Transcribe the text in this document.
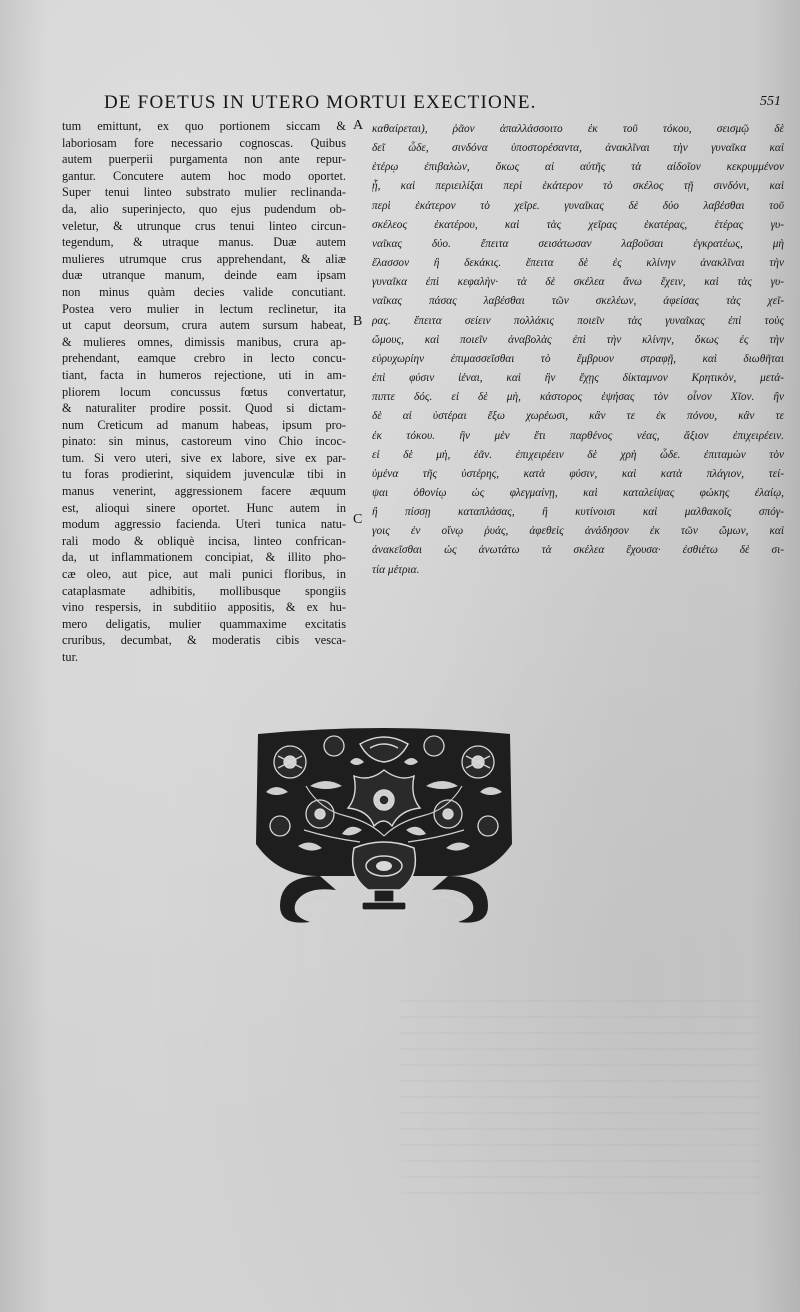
DE FOETUS IN UTERO MORTUI EXECTIONE.	551
tum emittunt, ex quo portionem siccam &
laboriosam fore necessario cognoscas. Quibus
autem puerperii purgamenta non ante repur-
gantur. Concutere autem hoc modo oportet.
Super tenui linteo substrato mulier reclinanda-
da, alio superinjecto, quo ejus pudendum ob-
veletur, & utrunque crus tenui linteo circun-
tegendum, & utraque manus. Duæ autem
mulieres utrumque crus apprehendant, & aliæ
duæ utranque manum, deinde eam ipsam
non minus quàm decies valide concutiant.
Postea vero mulier in lectum reclinetur, ita
ut caput deorsum, crura autem sursum habeat,
& mulieres omnes, dimissis manibus, crura ap-
prehendant, eamque crebro in lecto concu-
tiant, facta in humeros rejectione, uti in am-
pliorem locum concussus fœtus convertatur,
& naturaliter prodire possit. Quod si dictam-
num Creticum ad manum habeas, ipsum pro-
pinato: sin minus, castoreum vino Chio incoc-
tum. Si vero uteri, sive ex labore, sive ex par-
tu foras prodierint, siquidem juvenculæ tibi in
manus venerint, aggressionem facere æquum
est, alioqui sinere oportet. Hunc autem in
modum aggressio facienda. Uteri tunica natu-
rali modo & obliquè incisa, linteo confrican-
da, ut inflammationem concipiat, & illito pho-
cæ oleo, aut pice, aut mali punici floribus, in
cataplasmate adhibitis, mollibusque spongiis
vino respersis, in subditiio appositis, & ex hu-
mero deligatis, mulier quammaxime excitatis
cruribus, decumbat, & moderatis cibis vesca-
tur.
A
B
C
καθαίρεται), ῥᾶον ἀπαλλάσσοιτο ἐκ τοῦ τόκου, σεισμῷ δὲ
δεῖ ὧδε, σινδόνα ὑποστορέσαντα, ἀνακλῖναι τὴν γυναῖκα καὶ
ἑτέρῳ ἐπιβαλὼν, ὅκως αἱ αὐτῆς τὰ αἰδοῖον κεκρυμμένον
ᾖ, καὶ περιειλίξαι περὶ ἑκάτερον τὸ σκέλος τῇ σινδόνι, καὶ
περὶ ἑκάτερον τὸ χεῖρε. γυναῖκας δὲ δύο λαβέσθαι τοῦ
σκέλεος ἑκατέρου, καὶ τὰς χεῖρας ἑκατέρας, ἑτέρας γυ-
ναῖκας δύο. ἔπειτα σεισάτωσαν λαβοῦσαι ἐγκρατέως, μὴ
ἔλασσον ἢ δεκάκις. ἔπειτα δὲ ἐς κλίνην ἀνακλῖναι τὴν
γυναῖκα ἐπὶ κεφαλὴν· τὰ δὲ σκέλεα ἄνω ἔχειν, καὶ τὰς γυ-
ναῖκας πάσας λαβέσθαι τῶν σκελέων, ἀφείσας τὰς χεῖ-
ρας. ἔπειτα σείειν πολλάκις ποιεῖν τὰς γυναῖκας ἐπὶ τοὺς
ὤμους, καὶ ποιεῖν ἀναβολὰς ἐπὶ τὴν κλίνην, ὅκως ἐς τὴν
εὐρυχωρίην ἐπιμασσεῖσθαι τὸ ἔμβρυον στραφῇ, καὶ διωθῆται
ἐπὶ φύσιν ἰέναι, καὶ ἢν ἔχῃς δίκταμνον Κρητικὸν, μετά-
πιπτε δός. εἰ δὲ μὴ, κάστορος ἑψήσας τὸν οἶνον Χῖον. ἢν
δὲ αἱ ὑστέραι ἔξω χωρέωσι, κἂν τε ἐκ πόνου, κἂν τε
ἐκ τόκου. ἢν μὲν ἔτι παρθένος νέας, ἄξιον ἐπιχειρέειν.
εἰ δὲ μὴ, ἐᾶν. ἐπιχειρέειν δὲ χρὴ ὧδε. ἐπιταμὼν τὸν
ὑμένα τῆς ὑστέρης, κατὰ φύσιν, καὶ κατὰ πλάγιον, τεί-
ψαι ὀθονίῳ ὡς φλεγμαίνῃ, καὶ καταλείψας φώκης ἐλαίῳ,
ἢ πίσσῃ καταπλάσας, ἢ κυτίνοισι καὶ μαλθακοῖς σπόγ-
γοις ἐν οἴνῳ ῥυάς, ἀφεθεὶς ἀνάδησον ἐκ τῶν ὤμων, καὶ
ἀνακεῖσθαι ὡς ἀνωτάτω τὰ σκέλεα ἔχουσα· ἐσθιέτω δὲ σι-
τία μέτρια.
